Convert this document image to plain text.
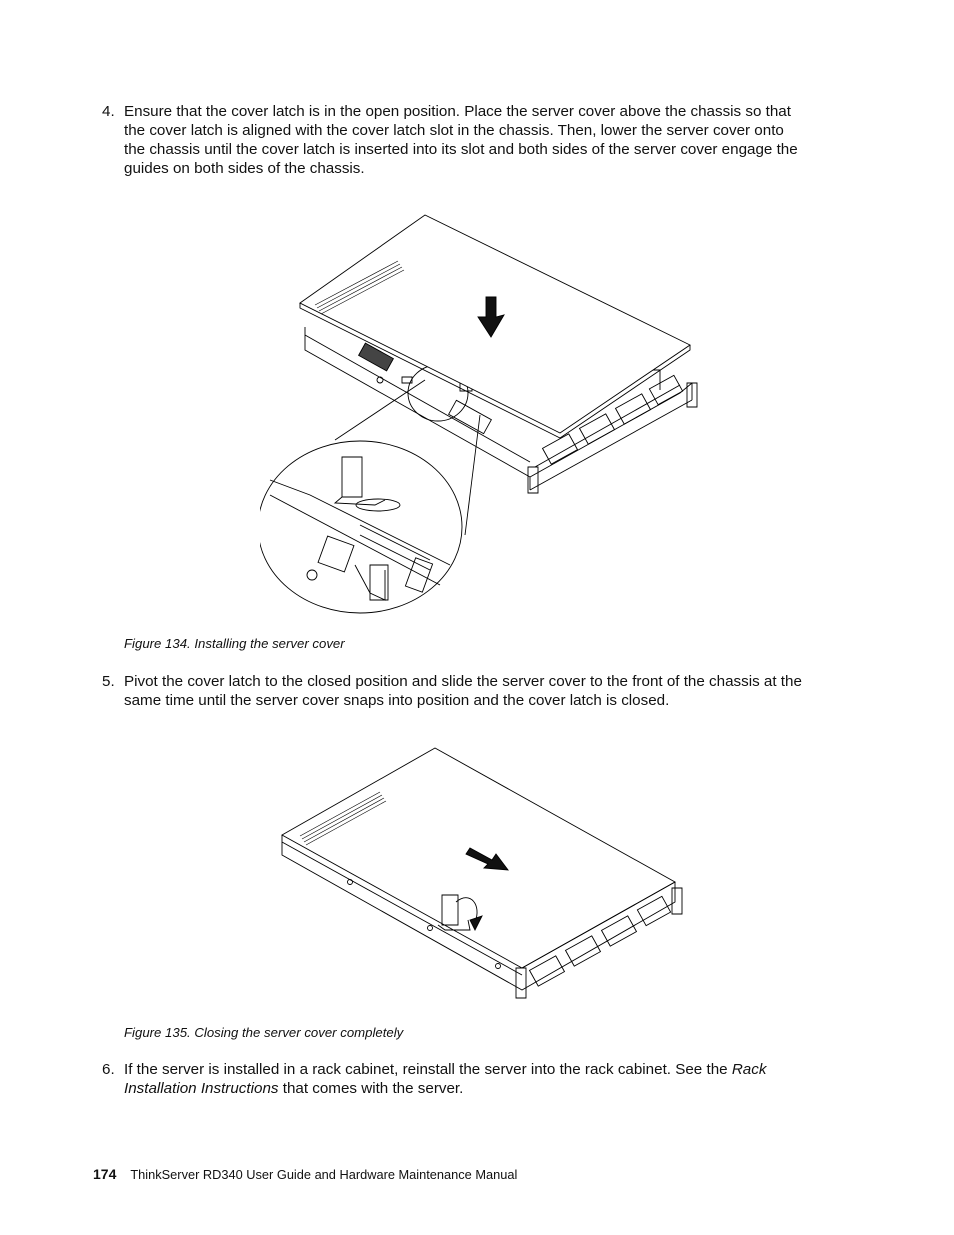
4. Ensure that the cover latch is in the open position. Place the server cover above the chassis so that
the cover latch is aligned with the cover latch slot in the chassis. Then, lower the server cover onto
the chassis until the cover latch is inserted into its slot and both sides of the server cover engage the
guides on both sides of the chassis.
Figure 134. Installing the server cover
5. Pivot the cover latch to the closed position and slide the server cover to the front of the chassis at the
same time until the server cover snaps into position and the cover latch is closed.
Figure 135. Closing the server cover completely
6. If the server is installed in a rack cabinet, reinstall the server into the rack cabinet. See the Rack
Installation Instructions that comes with the server.
174 ThinkServer RD340 User Guide and Hardware Maintenance Manual
